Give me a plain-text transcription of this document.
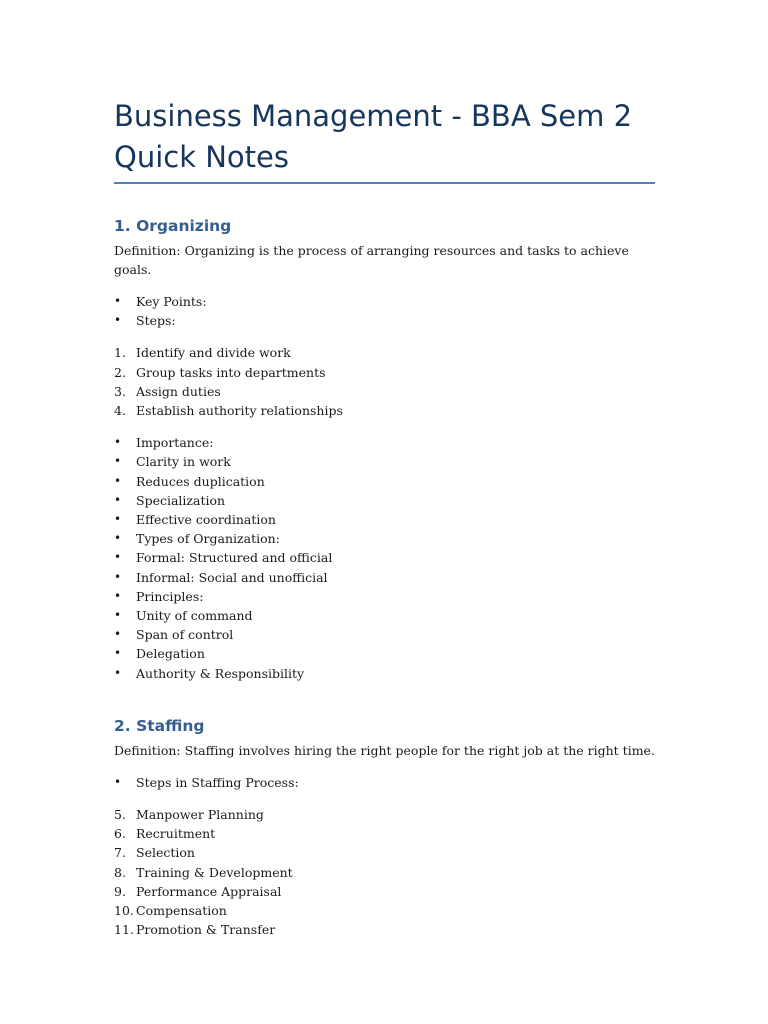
Business Management - BBA Sem 2
Quick Notes
1. Organizing

Definition: Organizing is the process of arranging resources and tasks to achieve goals.

•	Key Points:
•	Steps:
1. Identify and divide work
2. Group tasks into departments
3. Assign duties
4. Establish authority relationships
•	Importance:
•	Clarity in work
•	Reduces duplication
•	Specialization
•	Effective coordination
•	Types of Organization:
•	Formal: Structured and official
•	Informal: Social and unofficial
•	Principles:
•	Unity of command
•	Span of control
•	Delegation
•	Authority & Responsibility
2. Staffing

Definition: Staffing involves hiring the right people for the right job at the right time.

•	Steps in Staffing Process:
5. Manpower Planning
6. Recruitment
7. Selection
8. Training & Development
9. Performance Appraisal
10. Compensation
11. Promotion & Transfer
